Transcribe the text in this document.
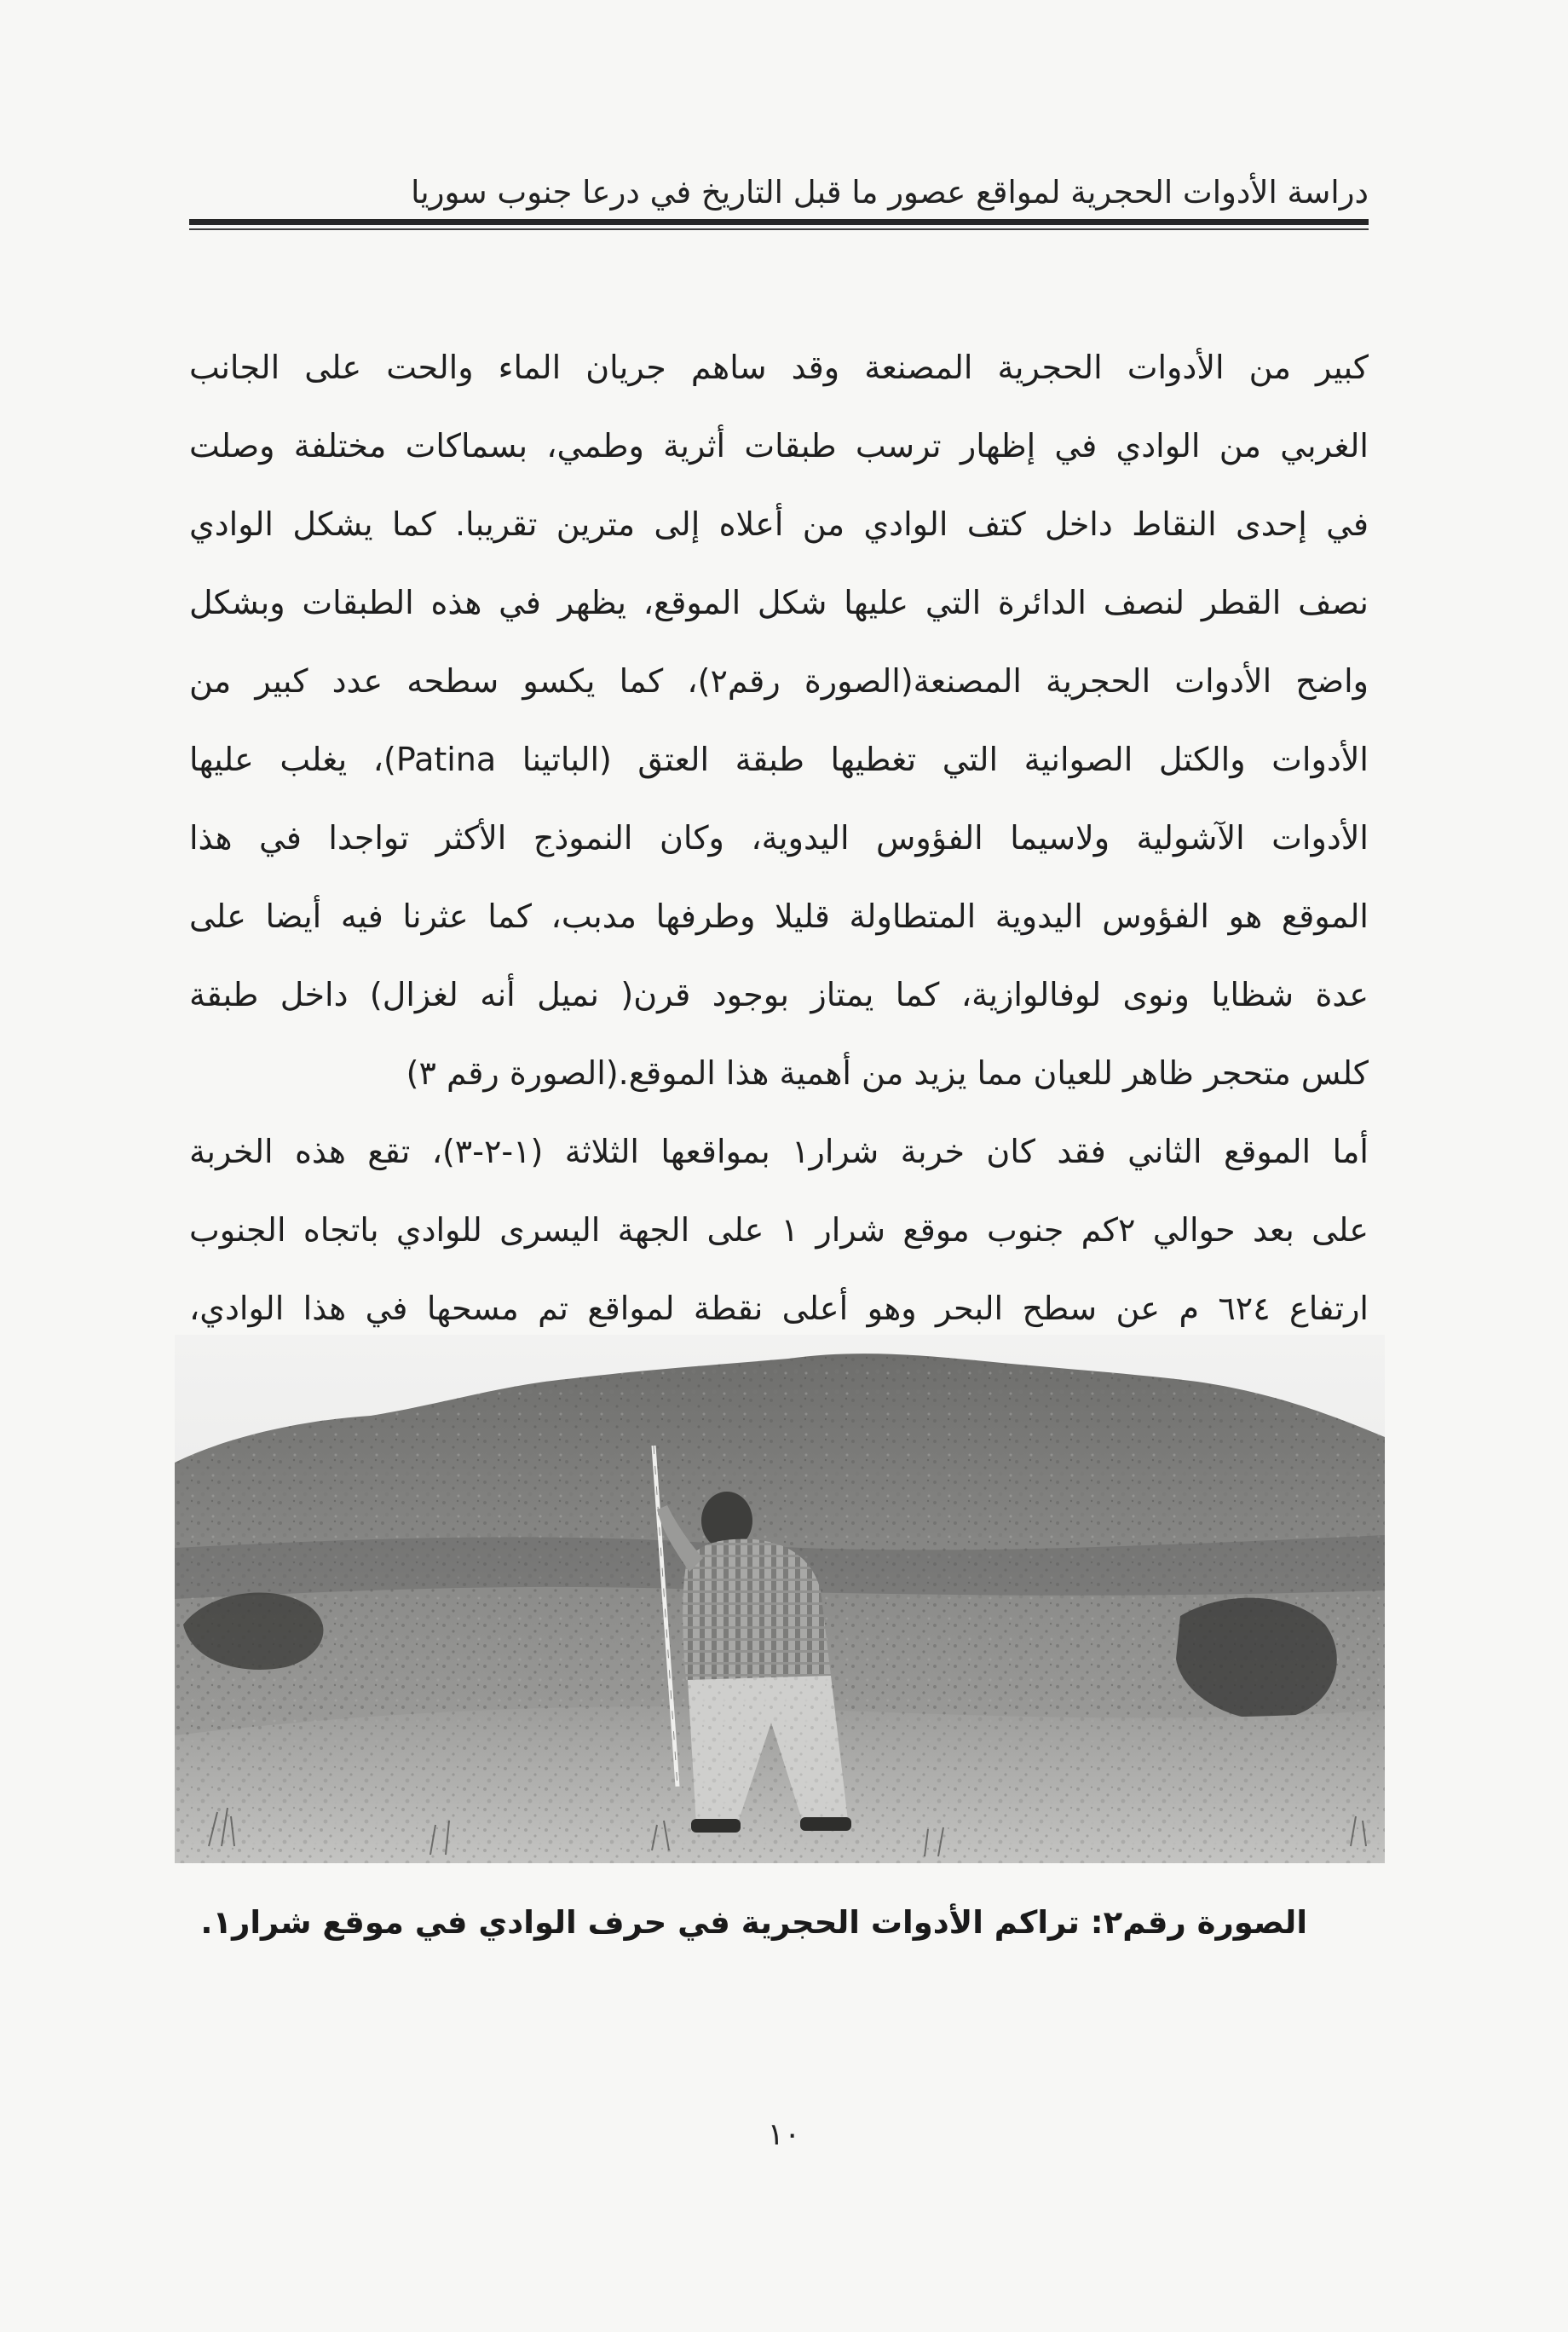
دراسة الأدوات الحجرية لمواقع عصور ما قبل التاريخ في درعا جنوب سوريا
كبير من الأدوات الحجرية المصنعة وقد ساهم جريان الماء والحت على الجانب
الغربي من الوادي في إظهار ترسب طبقات أثرية وطمي، بسماكات مختلفة وصلت
في إحدى النقاط داخل كتف الوادي من أعلاه إلى مترين تقريبا. كما يشكل الوادي
نصف القطر لنصف الدائرة التي عليها شكل الموقع، يظهر في هذه الطبقات وبشكل
واضح الأدوات الحجرية المصنعة(الصورة رقم٢)، كما يكسو سطحه عدد كبير من
الأدوات والكتل الصوانية التي تغطيها طبقة العتق (الباتينا Patina)، يغلب عليها
الأدوات الآشولية ولاسيما الفؤوس اليدوية، وكان النموذج الأكثر تواجدا في هذا
الموقع هو الفؤوس اليدوية المتطاولة قليلا وطرفها مدبب، كما عثرنا فيه أيضا على
عدة شظايا ونوى لوفالوازية، كما يمتاز بوجود قرن( نميل أنه لغزال) داخل طبقة
كلس متحجر ظاهر للعيان مما يزيد من أهمية هذا الموقع.(الصورة رقم ٣)
أما الموقع الثاني فقد كان خربة شرار١ بمواقعها الثلاثة (١-٢-٣)، تقع هذه الخربة
على بعد حوالي ٢كم جنوب موقع شرار ١ على الجهة اليسرى للوادي باتجاه الجنوب
ارتفاع ٦٢٤ م عن سطح البحر وهو أعلى نقطة لمواقع تم مسحها في هذا الوادي،
الصورة رقم٢: تراكم الأدوات الحجرية في حرف الوادي في موقع شرار١.
١٠
